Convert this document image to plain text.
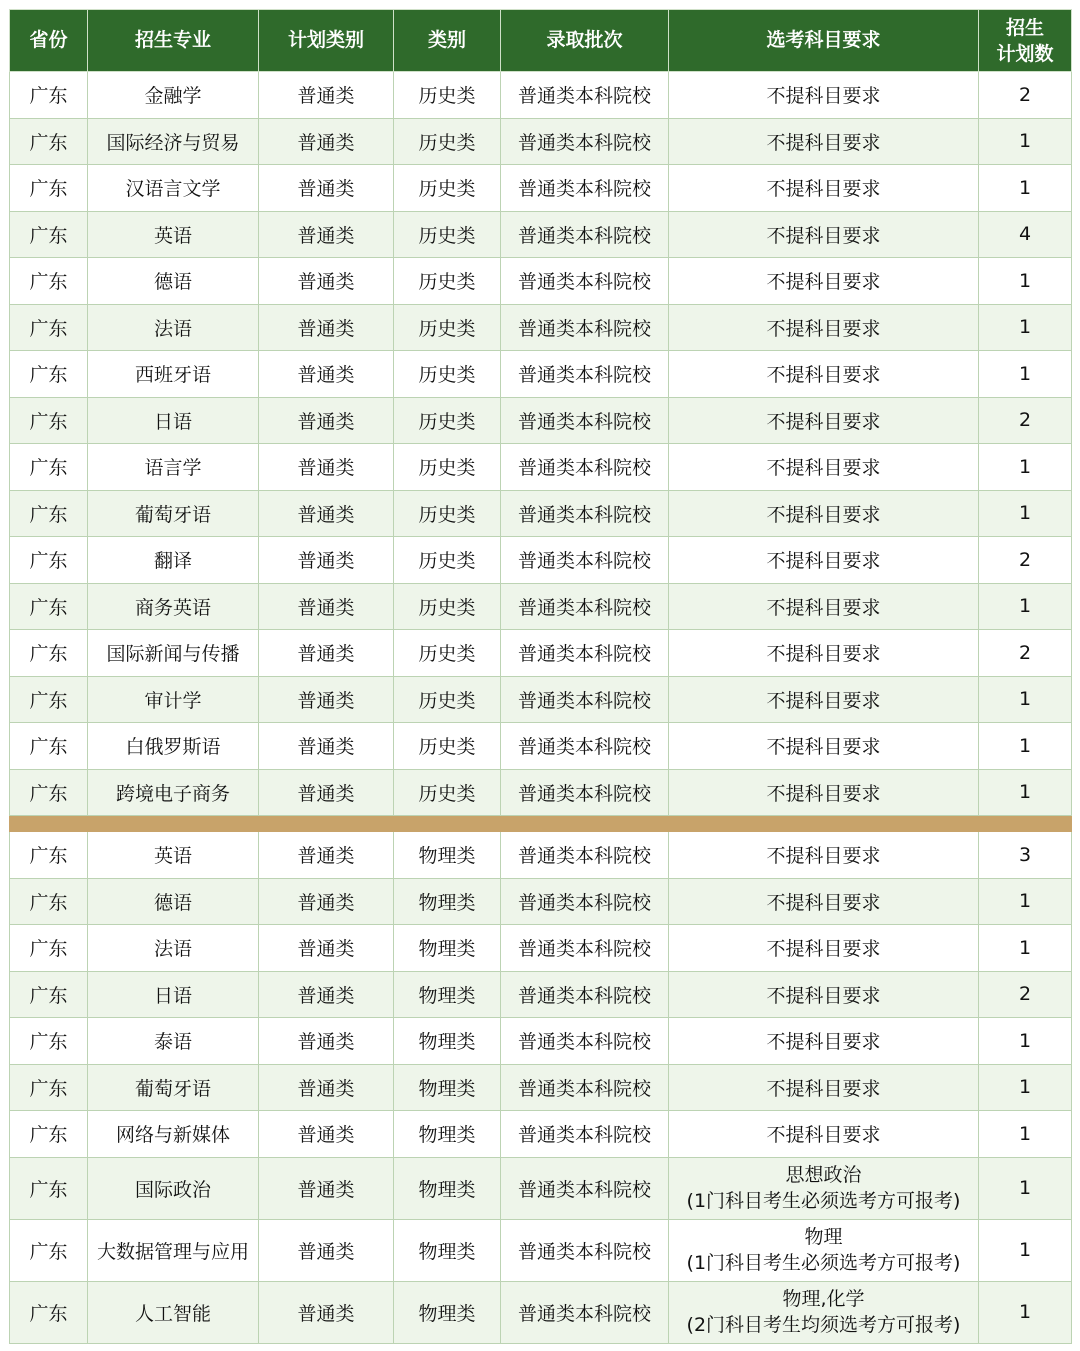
省份	招生专业	计划类别	类别	录取批次	选考科目要求	招生
计划数

广东	金融学	普通类	历史类	普通类本科院校	不提科目要求	2
广东	国际经济与贸易	普通类	历史类	普通类本科院校	不提科目要求	1
广东	汉语言文学	普通类	历史类	普通类本科院校	不提科目要求	1
广东	英语	普通类	历史类	普通类本科院校	不提科目要求	4
广东	德语	普通类	历史类	普通类本科院校	不提科目要求	1
广东	法语	普通类	历史类	普通类本科院校	不提科目要求	1
广东	西班牙语	普通类	历史类	普通类本科院校	不提科目要求	1
广东	日语	普通类	历史类	普通类本科院校	不提科目要求	2
广东	语言学	普通类	历史类	普通类本科院校	不提科目要求	1
广东	葡萄牙语	普通类	历史类	普通类本科院校	不提科目要求	1
广东	翻译	普通类	历史类	普通类本科院校	不提科目要求	2
广东	商务英语	普通类	历史类	普通类本科院校	不提科目要求	1
广东	国际新闻与传播	普通类	历史类	普通类本科院校	不提科目要求	2
广东	审计学	普通类	历史类	普通类本科院校	不提科目要求	1
广东	白俄罗斯语	普通类	历史类	普通类本科院校	不提科目要求	1
广东	跨境电子商务	普通类	历史类	普通类本科院校	不提科目要求	1

广东	英语	普通类	物理类	普通类本科院校	不提科目要求	3
广东	德语	普通类	物理类	普通类本科院校	不提科目要求	1
广东	法语	普通类	物理类	普通类本科院校	不提科目要求	1
广东	日语	普通类	物理类	普通类本科院校	不提科目要求	2
广东	泰语	普通类	物理类	普通类本科院校	不提科目要求	1
广东	葡萄牙语	普通类	物理类	普通类本科院校	不提科目要求	1
广东	网络与新媒体	普通类	物理类	普通类本科院校	不提科目要求	1
广东	国际政治	普通类	物理类	普通类本科院校	思想政治
(1门科目考生必须选考方可报考)	1
广东	大数据管理与应用	普通类	物理类	普通类本科院校	物理
(1门科目考生必须选考方可报考)	1
广东	人工智能	普通类	物理类	普通类本科院校	物理,化学
(2门科目考生均须选考方可报考)	1
